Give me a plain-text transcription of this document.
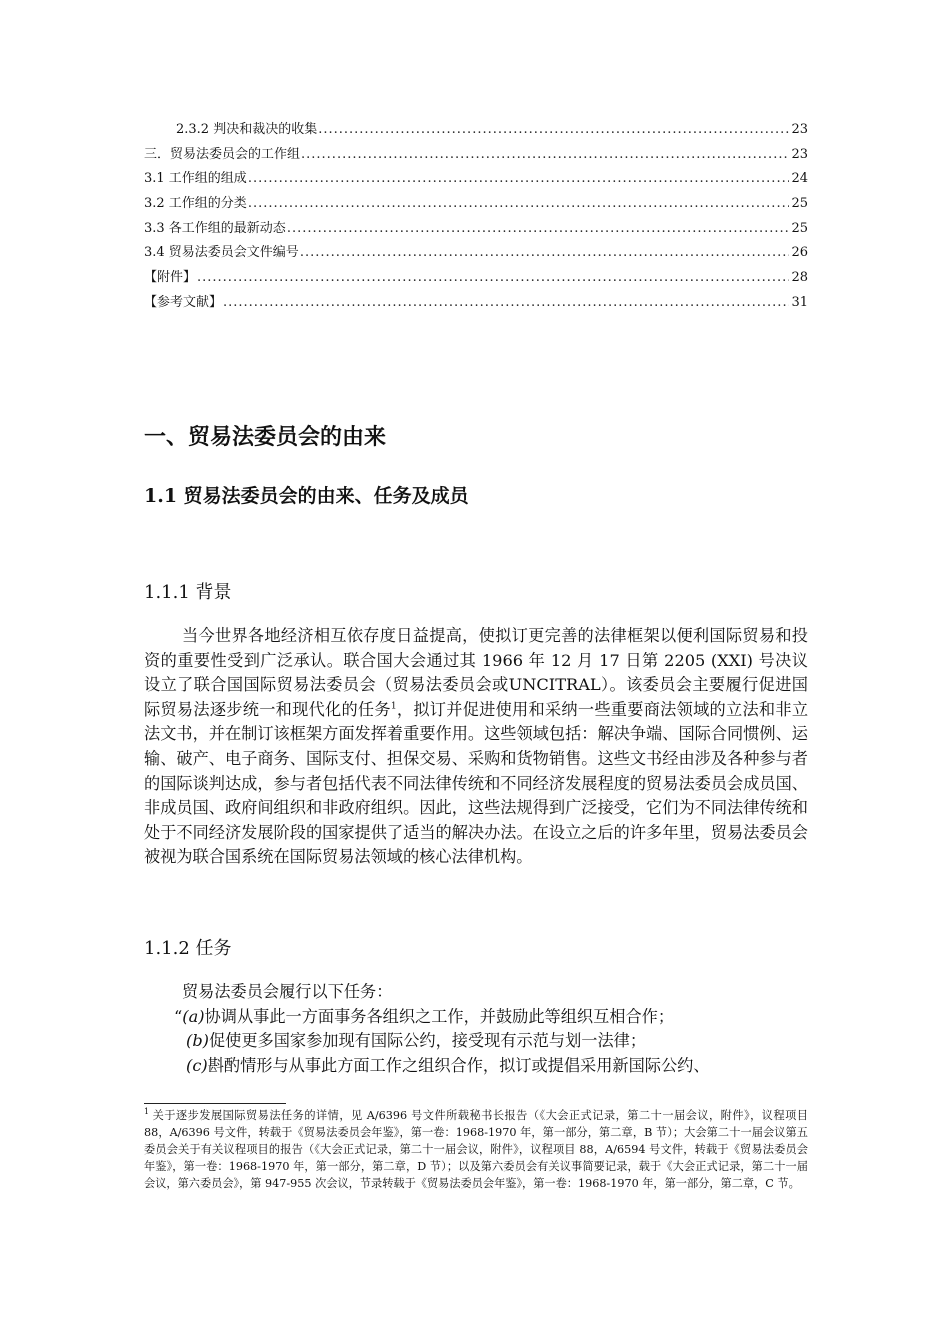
2.3.2 判决和裁决的收集 .....	23
三．贸易法委员会的工作组 .....	23
3.1 工作组的组成 .....	24
3.2 工作组的分类 .....	25
3.3 各工作组的最新动态 .....	25
3.4 贸易法委员会文件编号 .....	26
【附件】 .....	28
【参考文献】 .....	31
一、贸易法委员会的由来
1.1 贸易法委员会的由来、任务及成员
1.1.1 背景

当今世界各地经济相互依存度日益提高，使拟订更完善的法律框架以便利国际贸易和投资的重要性受到广泛承认。联合国大会通过其 1966 年 12 月 17 日第 2205 (XXI) 号决议设立了联合国国际贸易法委员会（贸易法委员会或UNCITRAL）。该委员会主要履行促进国际贸易法逐步统一和现代化的任务$^1$，拟订并促进使用和采纳一些重要商法领域的立法和非立法文书，并在制订该框架方面发挥着重要作用。这些领域包括：解决争端、国际合同惯例、运输、破产、电子商务、国际支付、担保交易、采购和货物销售。这些文书经由涉及各种参与者的国际谈判达成，参与者包括代表不同法律传统和不同经济发展程度的贸易法委员会成员国、非成员国、政府间组织和非政府组织。因此，这些法规得到广泛接受，它们为不同法律传统和处于不同经济发展阶段的国家提供了适当的解决办法。在设立之后的许多年里，贸易法委员会被视为联合国系统在国际贸易法领域的核心法律机构。

1.1.2 任务
贸易法委员会履行以下任务：
“(a)协调从事此一方面事务各组织之工作，并鼓励此等组织互相合作；
(b)促使更多国家参加现有国际公约，接受现有示范与划一法律；
(c)斟酌情形与从事此方面工作之组织合作，拟订或提倡采用新国际公约、

$^1$ 关于逐步发展国际贸易法任务的详情，见 A/6396 号文件所载秘书长报告（《大会正式记录，第二十一届会议，附件》，议程项目 88，A/6396 号文件，转载于《贸易法委员会年鉴》，第一卷：1968-1970 年，第一部分，第二章，B 节）；大会第二十一届会议第五委员会关于有关议程项目的报告（《大会正式记录，第二十一届会议，附件》，议程项目 88，A/6594 号文件，转载于《贸易法委员会年鉴》，第一卷：1968-1970 年，第一部分，第二章，D 节）；以及第六委员会有关议事简要记录，载于《大会正式记录，第二十一届会议，第六委员会》，第 947-955 次会议，节录转载于《贸易法委员会年鉴》，第一卷：1968-1970 年，第一部分，第二章，C 节。
